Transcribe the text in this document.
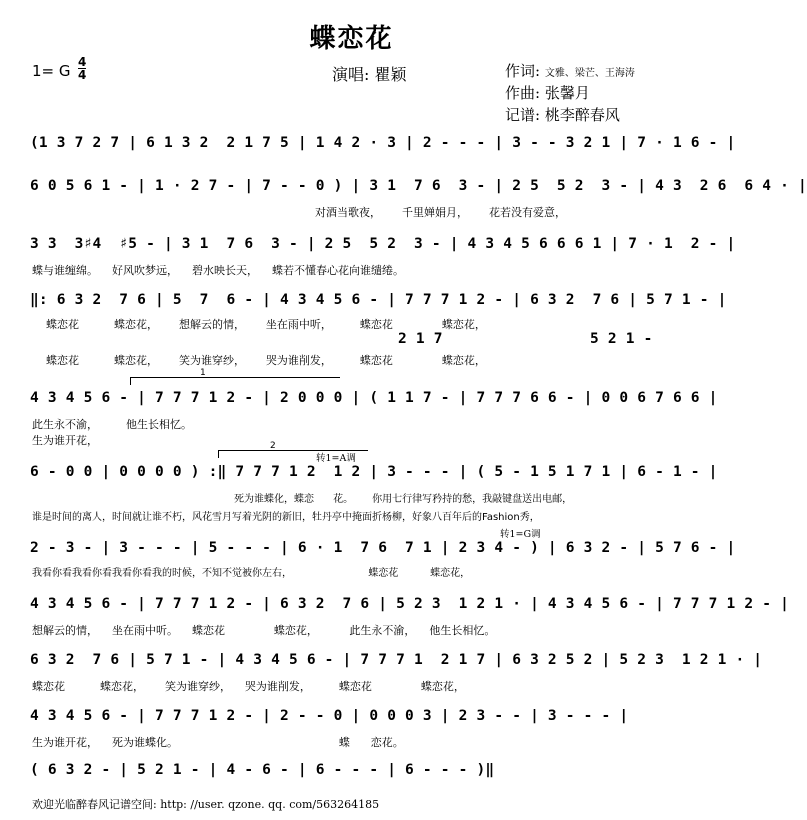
蝶恋花
1= G 4
4	演唱: 瞿颖	作词: 文雅、梁芒、王海涛
作曲: 张馨月
记谱: 桃李醉春风
(1 3 7 2 7 | 6 1 3 2  2 1 7 5 | 1 4 2 · 3 | 2 - - - | 3 - - 3 2 1 | 7 · 1 6 - |
6 0 5 6 1 - | 1 · 2 7 - | 7 - - 0 ) | 3 1  7 6  3 - | 2 5  5 2  3 - | 4 3  2 6  6 4 · |
对酒当歌夜，      千里婵娟月，      花若没有爱意，
3 3  3♯4  ♯5 - | 3 1  7 6  3 - | 2 5  5 2  3 - | 4 3 4 5 6 6 6 1 | 7 · 1  2 - |
蝶与谁缠绵。    好风吹梦远，    碧水映长天，    蝶若不懂春心花向谁缱绻。
‖: 6 3 2  7 6 | 5  7  6 - | 4 3 4 5 6 - | 7 7 7 1 2 - | 6 3 2  7 6 | 5 7 1 - |
蝶恋花          蝶恋花，      想解云的情，      坐在雨中听，        蝶恋花              蝶恋花，
2 1 7	5 2 1 -
蝶恋花          蝶恋花，      笑为谁穿纱，      哭为谁削发，        蝶恋花              蝶恋花，
1
4 3 4 5 6 - | 7 7 7 1 2 - | 2 0 0 0 | ( 1 1 7 - | 7 7 7 6 6 - | 0 0 6 7 6 6 |
此生永不渝，        他生长相忆。
生为谁开花，	2
转1=A调
6 - 0 0 | 0 0 0 0 ) :‖ 7 7 7 1 2  1 2 | 3 - - - | ( 5 - 1 5 1 7 1 | 6 - 1 - |
死为谁蝶化，蝶恋      花。      你用七行律写矜持的愁，我敲键盘送出电邮，
谁是时间的离人，时间就让谁不朽，风花雪月写着光阴的新旧，牡丹亭中掩面折杨柳，好象八百年后的Fashion秀，
转1=G调
2 - 3 - | 3 - - - | 5 - - - | 6 · 1  7 6  7 1 | 2 3 4 - ) | 6 3 2 - | 5 7 6 - |
我看你看我看你看我看你看我的时候，不知不觉被你左右，                        蝶恋花          蝶恋花，
4 3 4 5 6 - | 7 7 7 1 2 - | 6 3 2  7 6 | 5 2 3  1 2 1 · | 4 3 4 5 6 - | 7 7 7 1 2 - |
想解云的情，    坐在雨中听。    蝶恋花              蝶恋花，         此生永不渝，    他生长相忆。
6 3 2  7 6 | 5 7 1 - | 4 3 4 5 6 - | 7 7 7 1  2 1 7 | 6 3 2 5 2 | 5 2 3  1 2 1 · |
蝶恋花          蝶恋花，      笑为谁穿纱，    哭为谁削发，        蝶恋花              蝶恋花，
4 3 4 5 6 - | 7 7 7 1 2 - | 2 - - 0 | 0 0 0 3 | 2 3 - - | 3 - - - |
生为谁开花，    死为谁蝶化。                                              蝶      恋花。
( 6 3 2 - | 5 2 1 - | 4 - 6 - | 6 - - - | 6 - - - )‖
欢迎光临醉春风记谱空间: http: //user. qzone. qq. com/563264185
